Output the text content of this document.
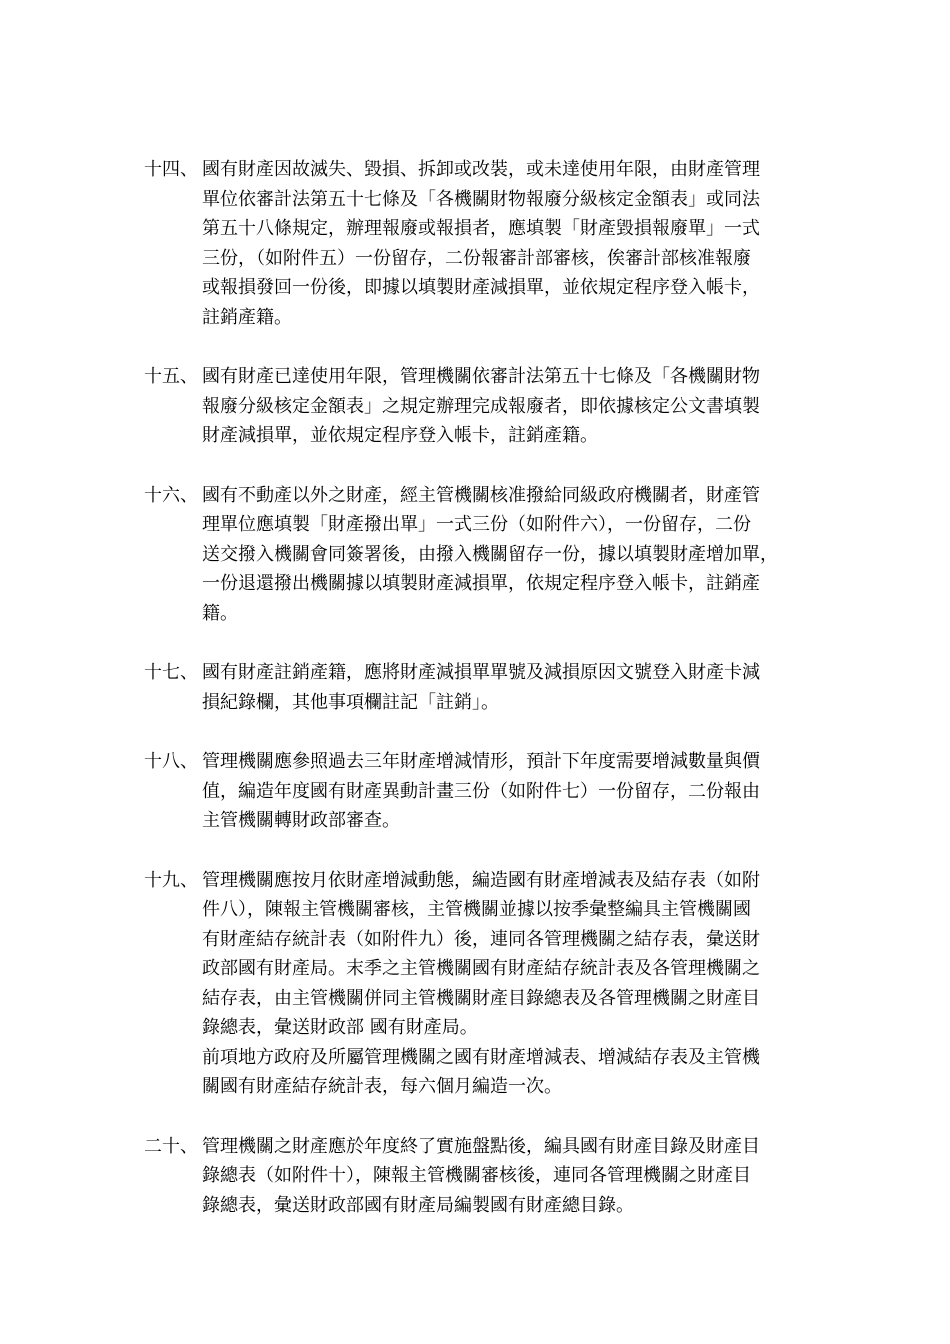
十四、 國有財產因故滅失、毀損、拆卸或改裝，或未達使用年限，由財產管理
單位依審計法第五十七條及「各機關財物報廢分級核定金額表」或同法
第五十八條規定，辦理報廢或報損者，應填製「財產毀損報廢單」一式
三份，（如附件五）一份留存，二份報審計部審核，俟審計部核准報廢
或報損發回一份後，即據以填製財產減損單，並依規定程序登入帳卡，
註銷產籍。
十五、 國有財產已達使用年限，管理機關依審計法第五十七條及「各機關財物
報廢分級核定金額表」之規定辦理完成報廢者，即依據核定公文書填製
財產減損單，並依規定程序登入帳卡，註銷產籍。
十六、 國有不動產以外之財產，經主管機關核准撥給同級政府機關者，財產管
理單位應填製「財產撥出單」一式三份（如附件六），一份留存，二份
送交撥入機關會同簽署後，由撥入機關留存一份，據以填製財產增加單，
一份退還撥出機關據以填製財產減損單，依規定程序登入帳卡，註銷產
籍。
十七、 國有財產註銷產籍，應將財產減損單單號及減損原因文號登入財產卡減
損紀錄欄，其他事項欄註記「註銷」。
十八、 管理機關應參照過去三年財產增減情形，預計下年度需要增減數量與價
值，編造年度國有財產異動計畫三份（如附件七）一份留存，二份報由
主管機關轉財政部審查。
十九、 管理機關應按月依財產增減動態，編造國有財產增減表及結存表（如附
件八），陳報主管機關審核，主管機關並據以按季彙整編具主管機關國
有財產結存統計表（如附件九）後，連同各管理機關之結存表，彙送財
政部國有財產局。末季之主管機關國有財產結存統計表及各管理機關之
結存表，由主管機關併同主管機關財產目錄總表及各管理機關之財產目
錄總表，彙送財政部 國有財產局。
前項地方政府及所屬管理機關之國有財產增減表、增減結存表及主管機
關國有財產結存統計表，每六個月編造一次。
二十、 管理機關之財產應於年度終了實施盤點後，編具國有財產目錄及財產目
錄總表（如附件十），陳報主管機關審核後，連同各管理機關之財產目
錄總表，彙送財政部國有財產局編製國有財產總目錄。
